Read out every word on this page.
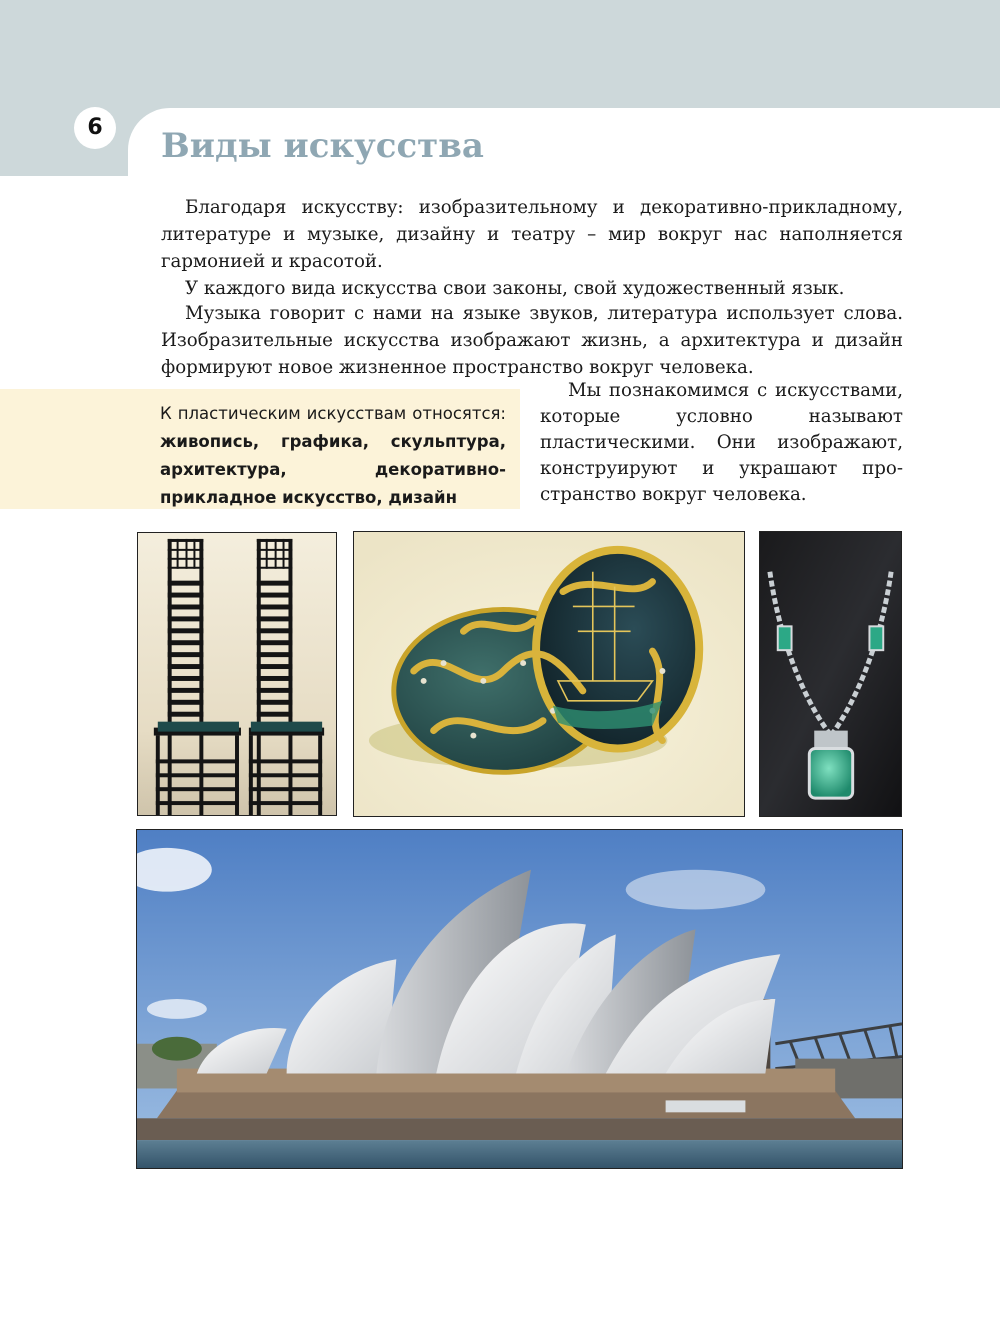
6	Виды искусства

Благодаря искусству: изобразительному и декоративно-прикладному, литературе и музыке, дизайну и театру – мир вокруг нас наполняется гармонией и красотой.

У каждого вида искусства свои законы, свой художественный язык.

Музыка говорит с нами на языке звуков, литература использует слова. Изобразительные искусства изображают жизнь, а архитектура и дизайн формируют новое жизненное пространство вокруг человека.

К пластическим искусствам относятся: живопись, графика, скульптура, архитектура, декоративно-прикладное искусство, дизайн

Мы познакомимся с искусствами, которые условно называют пластическими. Они изображают, конструируют и украшают пространство вокруг человека.
